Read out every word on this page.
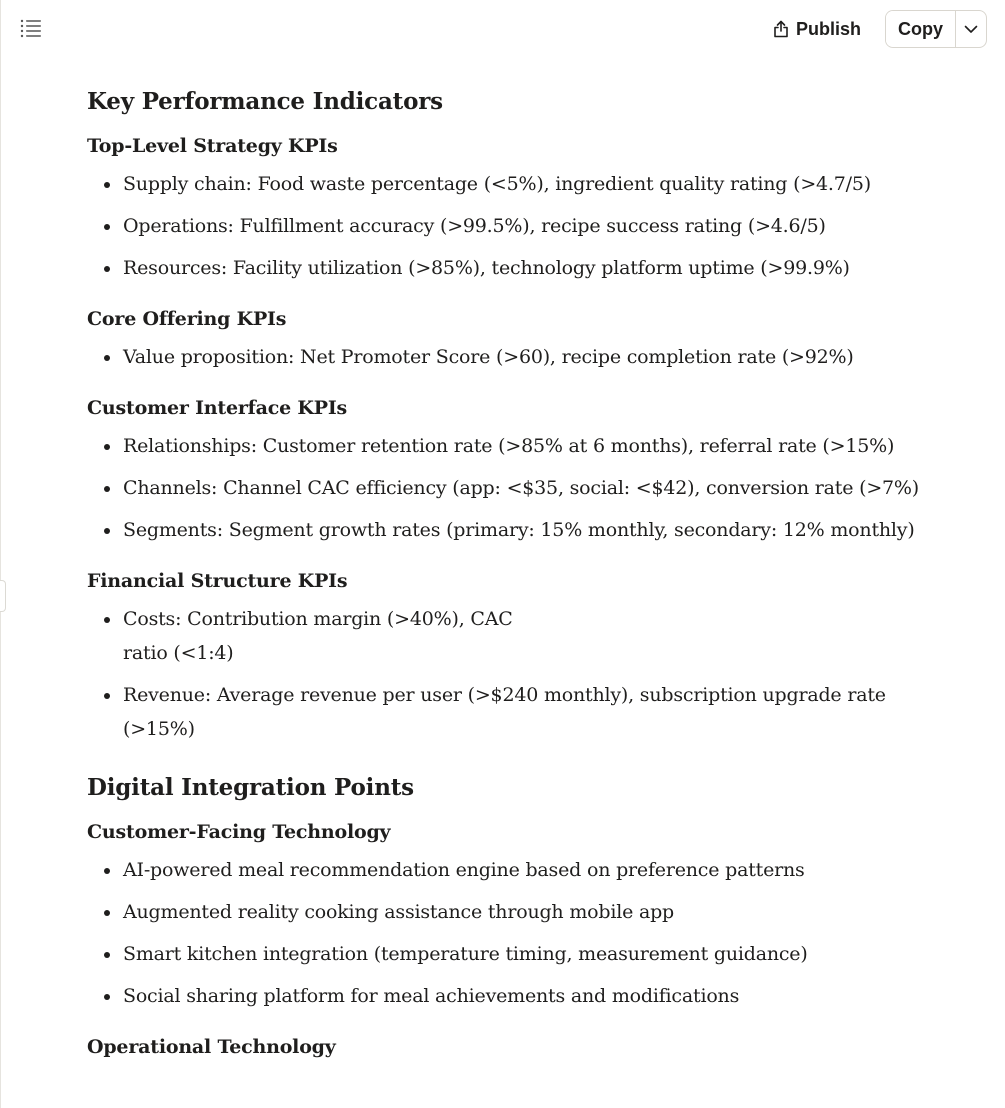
Publish	Copy
Key Performance Indicators
Top-Level Strategy KPIs
Supply chain: Food waste percentage (<5%), ingredient quality rating (>4.7/5)
Operations: Fulfillment accuracy (>99.5%), recipe success rating (>4.6/5)
Resources: Facility utilization (>85%), technology platform uptime (>99.9%)
Core Offering KPIs
Value proposition: Net Promoter Score (>60), recipe completion rate (>92%)
Customer Interface KPIs
Relationships: Customer retention rate (>85% at 6 months), referral rate (>15%)
Channels: Channel CAC efficiency (app: <$35, social: <$42), conversion rate (>7%)
Segments: Segment growth rates (primary: 15% monthly, secondary: 12% monthly)
Financial Structure KPIs
Costs: Contribution margin (>40%), CAC ratio (<1:4)
Revenue: Average revenue per user (>$240 monthly), subscription upgrade rate (>15%)
Digital Integration Points
Customer-Facing Technology
AI-powered meal recommendation engine based on preference patterns
Augmented reality cooking assistance through mobile app
Smart kitchen integration (temperature timing, measurement guidance)
Social sharing platform for meal achievements and modifications
Operational Technology
